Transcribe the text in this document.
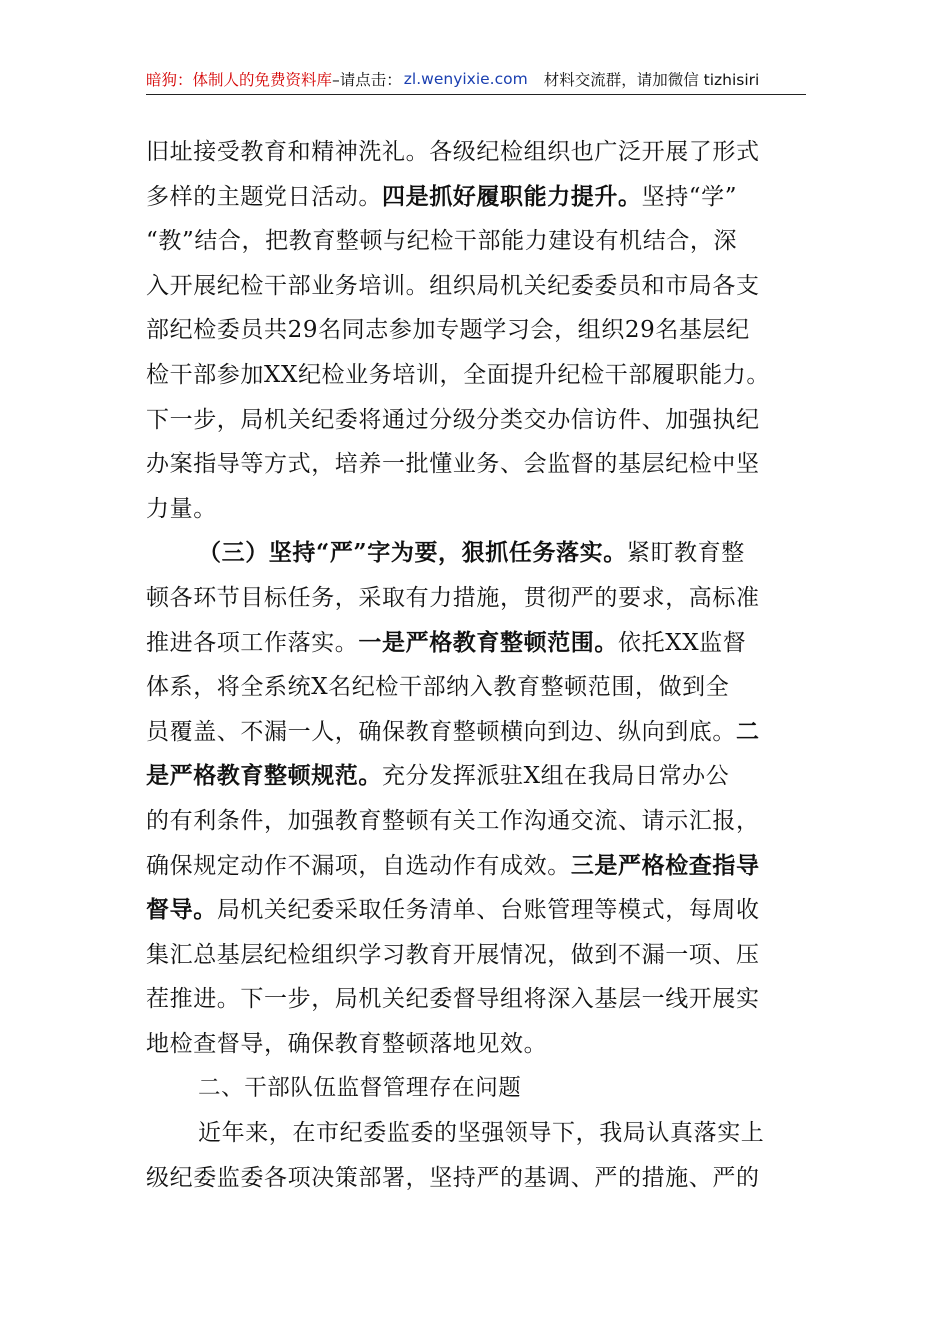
暗狗：体制人的免费资料库 –请点击： zl.wenyixie.com 材料交流群，请加微信 tizhisiri
旧址接受教育和精神洗礼。各级纪检组织也广泛开展了形式
多样的主题党日活动。四是抓好履职能力提升。坚持“学”
“教”结合，把教育整顿与纪检干部能力建设有机结合，深
入开展纪检干部业务培训。组织局机关纪委委员和市局各支
部纪检委员共29名同志参加专题学习会，组织29名基层纪
检干部参加XX纪检业务培训，全面提升纪检干部履职能力。
下一步，局机关纪委将通过分级分类交办信访件、加强执纪
办案指导等方式，培养一批懂业务、会监督的基层纪检中坚
力量。
（三）坚持“严”字为要，狠抓任务落实。紧盯教育整
顿各环节目标任务，采取有力措施，贯彻严的要求，高标准
推进各项工作落实。一是严格教育整顿范围。依托XX监督
体系，将全系统X名纪检干部纳入教育整顿范围，做到全
员覆盖、不漏一人，确保教育整顿横向到边、纵向到底。二
是严格教育整顿规范。充分发挥派驻X组在我局日常办公
的有利条件，加强教育整顿有关工作沟通交流、请示汇报，
确保规定动作不漏项，自选动作有成效。三是严格检查指导
督导。局机关纪委采取任务清单、台账管理等模式，每周收
集汇总基层纪检组织学习教育开展情况，做到不漏一项、压
茬推进。下一步，局机关纪委督导组将深入基层一线开展实
地检查督导，确保教育整顿落地见效。
二、干部队伍监督管理存在问题
近年来，在市纪委监委的坚强领导下，我局认真落实上
级纪委监委各项决策部署，坚持严的基调、严的措施、严的
